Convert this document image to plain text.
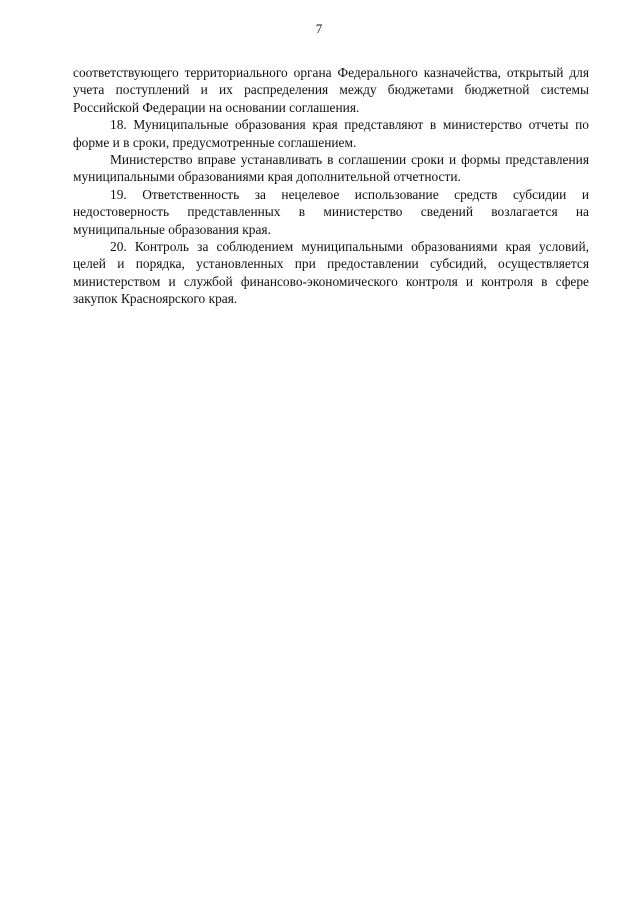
7

соответствующего территориального органа Федерального казначейства, открытый для учета поступлений и их распределения между бюджетами бюджетной системы Российской Федерации на основании соглашения.

18. Муниципальные образования края представляют в министерство отчеты по форме и в сроки, предусмотренные соглашением.

Министерство вправе устанавливать в соглашении сроки и формы представления муниципальными образованиями края дополнительной отчетности.

19. Ответственность за нецелевое использование средств субсидии и недостоверность представленных в министерство сведений возлагается на муниципальные образования края.

20. Контроль за соблюдением муниципальными образованиями края условий, целей и порядка, установленных при предоставлении субсидий, осуществляется министерством и службой финансово-экономического контроля и контроля в сфере закупок Красноярского края.
